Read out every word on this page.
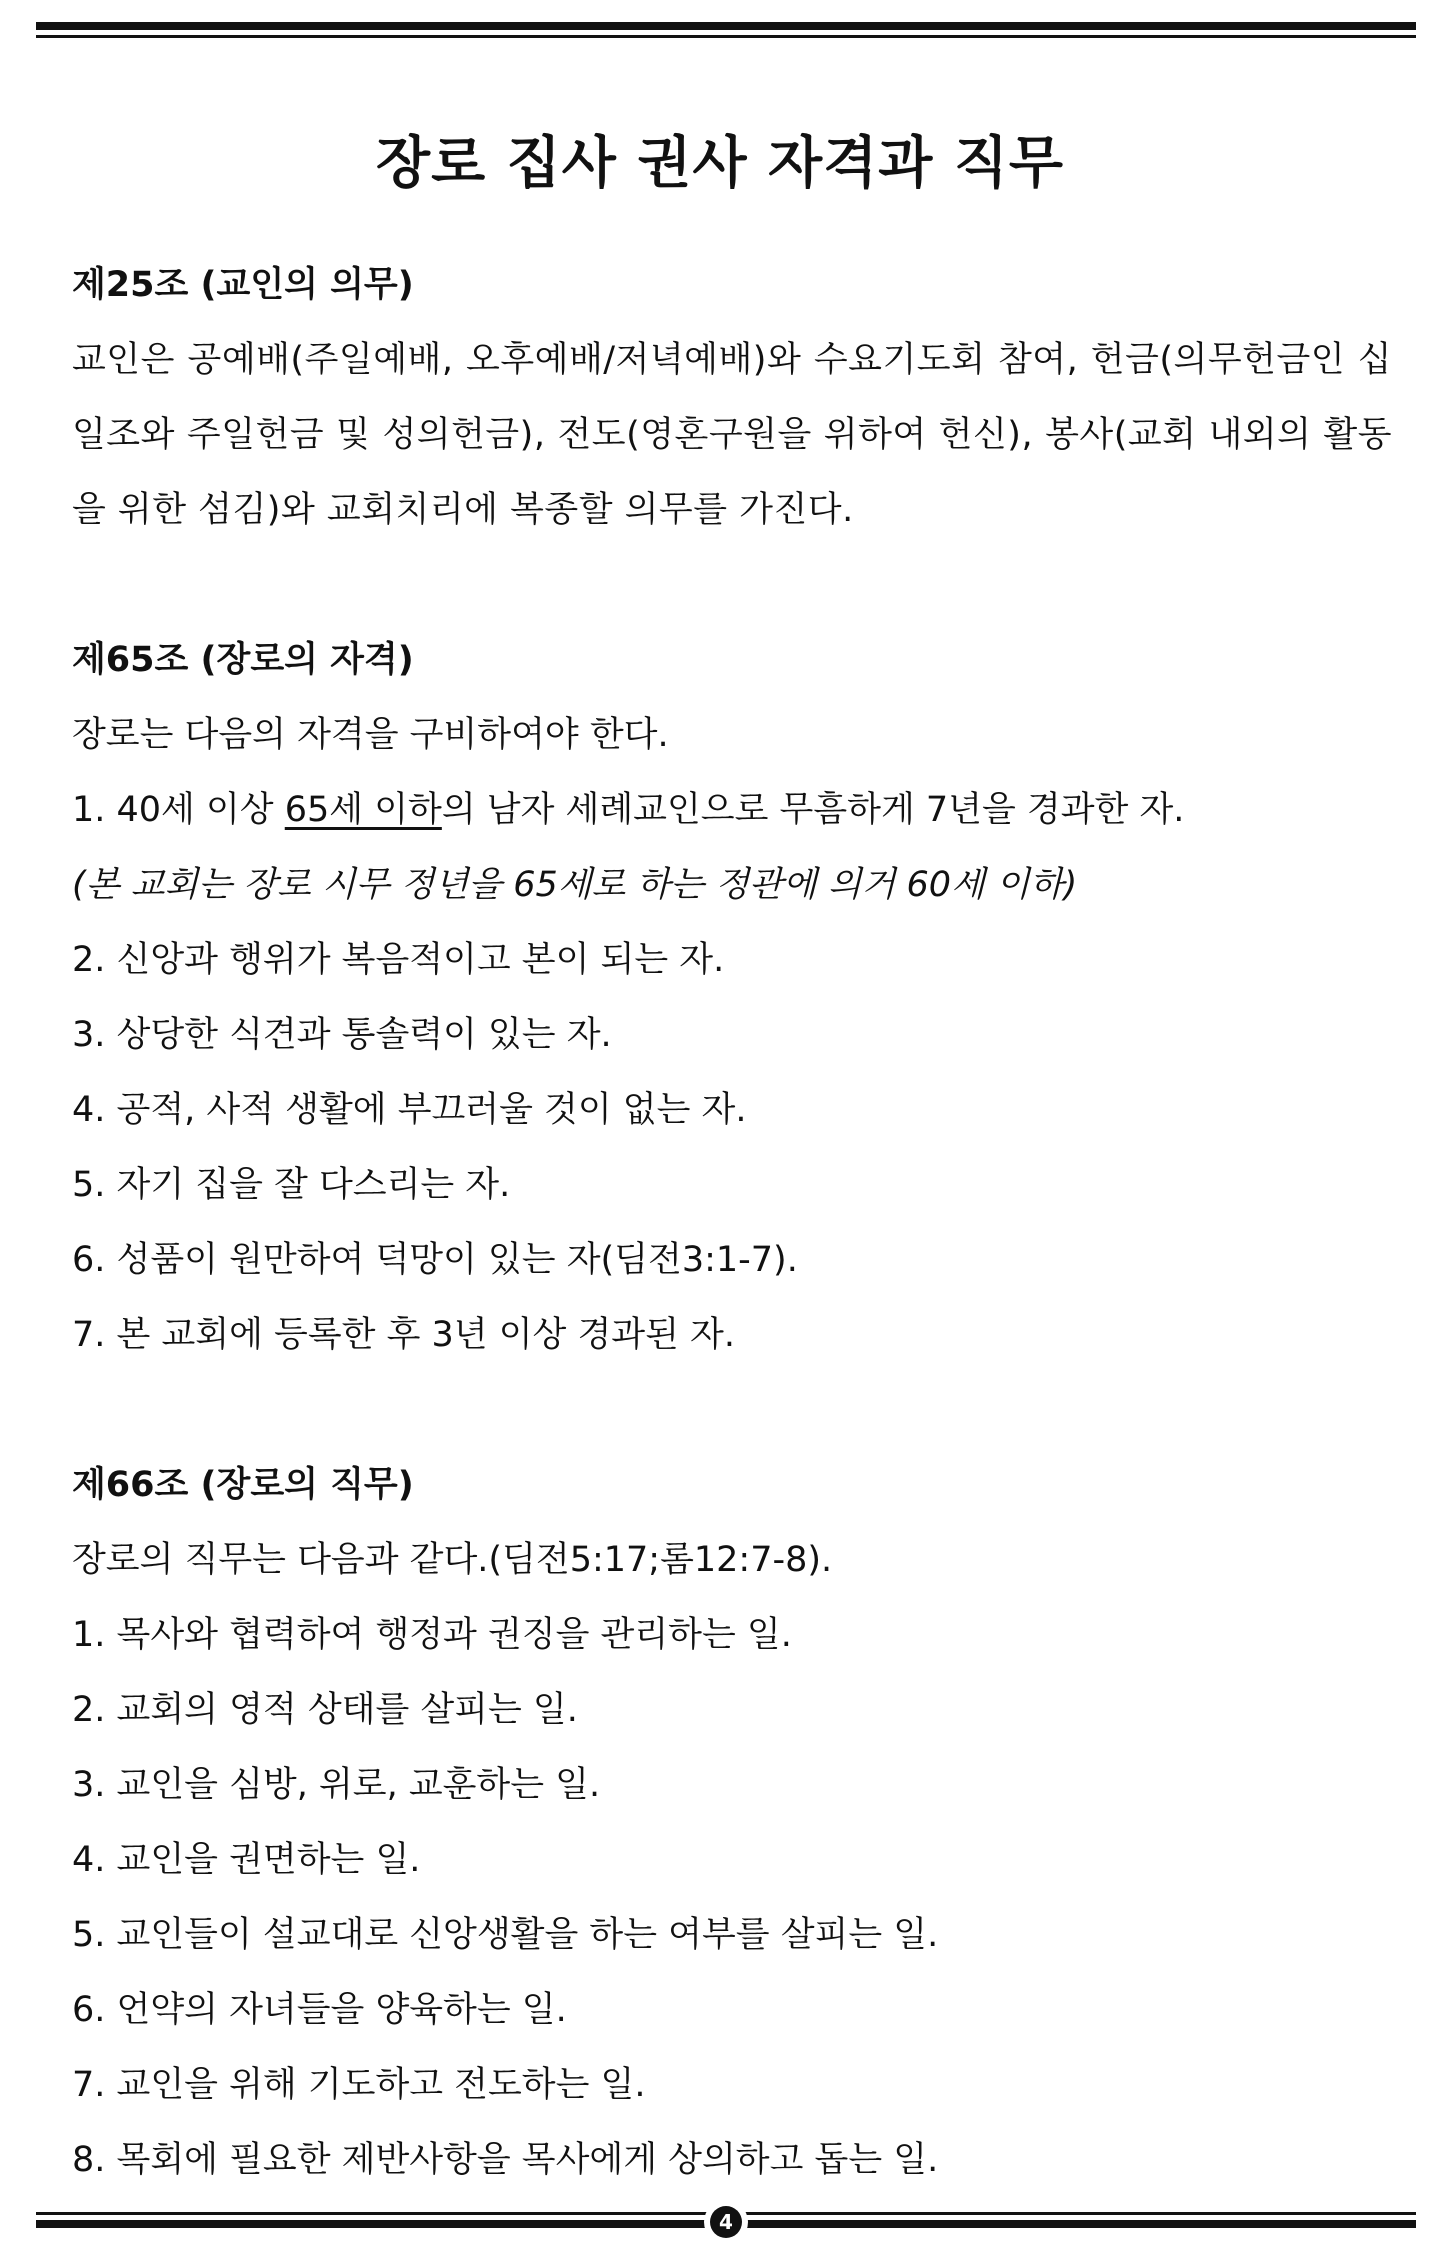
장로 집사 권사 자격과 직무
제25조 (교인의 의무)
교인은 공예배(주일예배, 오후예배/저녁예배)와 수요기도회 참여, 헌금(의무헌금인 십일조와 주일헌금 및 성의헌금), 전도(영혼구원을 위하여 헌신), 봉사(교회 내외의 활동을 위한 섬김)와 교회치리에 복종할 의무를 가진다.
제65조 (장로의 자격)
장로는 다음의 자격을 구비하여야 한다.
1. 40세 이상 65세 이하의 남자 세례교인으로 무흠하게 7년을 경과한 자.
(본 교회는 장로 시무 정년을 65세로 하는 정관에 의거 60세 이하)
2. 신앙과 행위가 복음적이고 본이 되는 자.
3. 상당한 식견과 통솔력이 있는 자.
4. 공적, 사적 생활에 부끄러울 것이 없는 자.
5. 자기 집을 잘 다스리는 자.
6. 성품이 원만하여 덕망이 있는 자(딤전3:1-7).
7. 본 교회에 등록한 후 3년 이상 경과된 자.
제66조 (장로의 직무)
장로의 직무는 다음과 같다.(딤전5:17;롬12:7-8).
1. 목사와 협력하여 행정과 권징을 관리하는 일.
2. 교회의 영적 상태를 살피는 일.
3. 교인을 심방, 위로, 교훈하는 일.
4. 교인을 권면하는 일.
5. 교인들이 설교대로 신앙생활을 하는 여부를 살피는 일.
6. 언약의 자녀들을 양육하는 일.
7. 교인을 위해 기도하고 전도하는 일.
8. 목회에 필요한 제반사항을 목사에게 상의하고 돕는 일.
4
